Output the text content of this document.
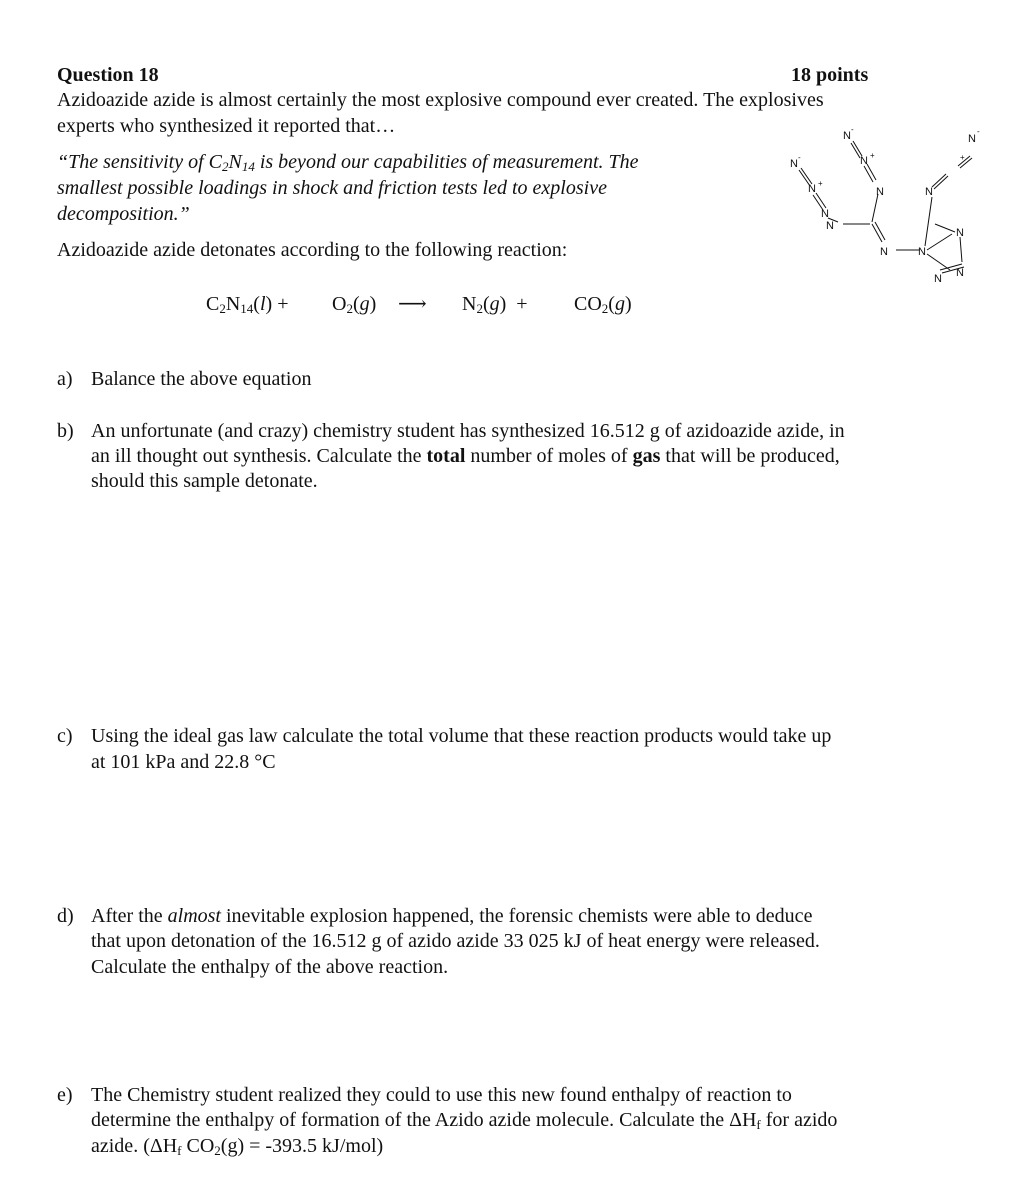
Question 18	18 points
Azidoazide azide is almost certainly the most explosive compound ever created. The explosives
experts who synthesized it reported that…
“The sensitivity of $C_2N_{14}$ is beyond our capabilities of measurement. The
smallest possible loadings in shock and friction tests led to explosive
decomposition.”
Azidoazide azide detonates according to the following reaction:
$C_2N_{14}(l) + O_2(g)$ ⟶ $N_2(g) + CO_2(g)$
N
N
N
N
N
N
N
N	N
N
N
N
N
N
-
+
-
+
-
+
a) Balance the above equation
b) An unfortunate (and crazy) chemistry student has synthesized 16.512 g of azidoazide azide, in
an ill thought out synthesis. Calculate the total number of moles of gas that will be produced,
should this sample detonate.
c) Using the ideal gas law calculate the total volume that these reaction products would take up
at 101 kPa and 22.8 °C
d) After the almost inevitable explosion happened, the forensic chemists were able to deduce
that upon detonation of the 16.512 g of azido azide 33 025 kJ of heat energy were released.
Calculate the enthalpy of the above reaction.
e) The Chemistry student realized they could to use this new found enthalpy of reaction to
determine the enthalpy of formation of the Azido azide molecule. Calculate the $\Delta H_f$ for azido
azide. ($\Delta H_f$ $CO_2(g) = -393.5$ kJ/mol)
